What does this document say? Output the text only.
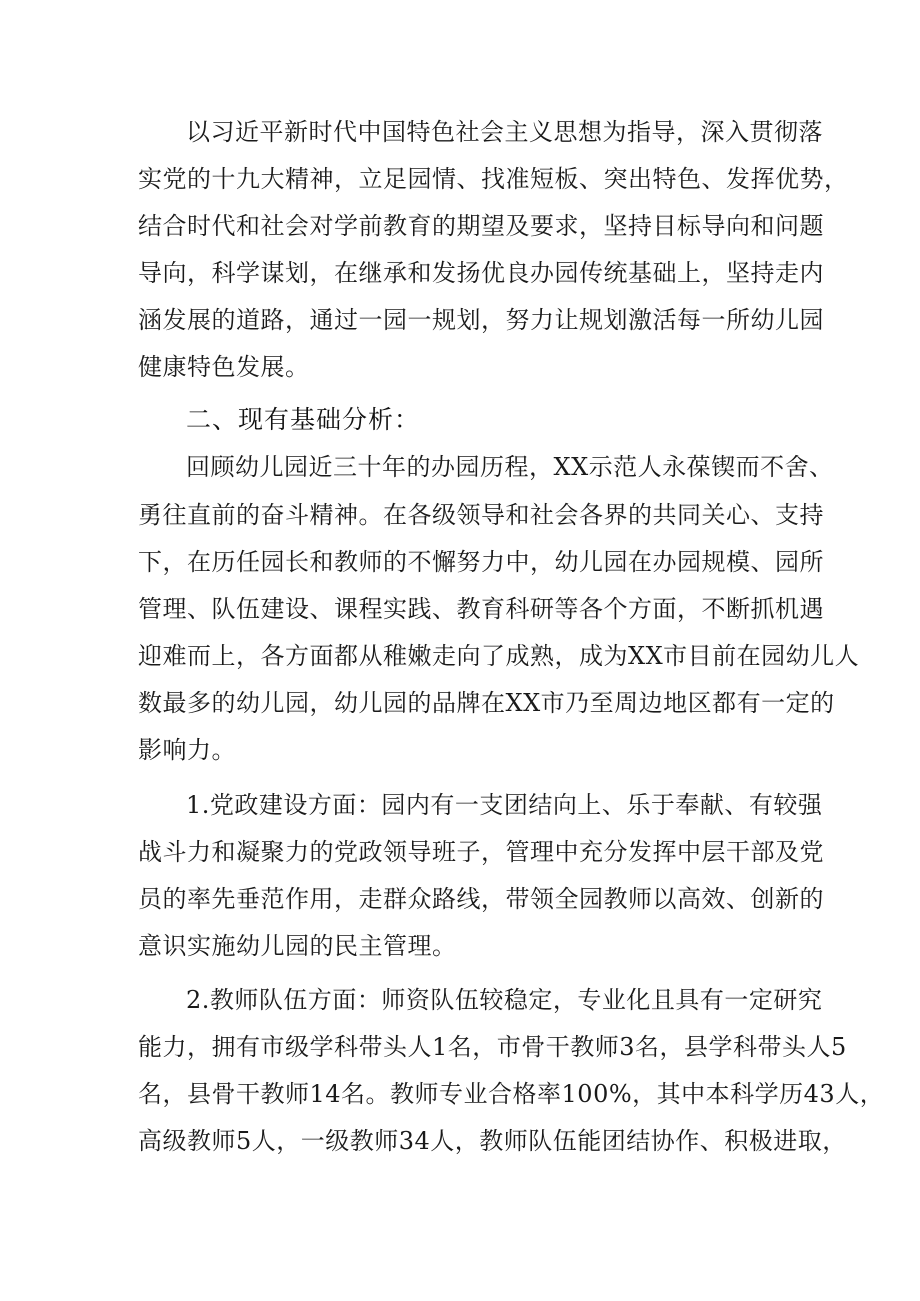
以习近平新时代中国特色社会主义思想为指导，深入贯彻落
实党的十九大精神，立足园情、找准短板、突出特色、发挥优势，
结合时代和社会对学前教育的期望及要求，坚持目标导向和问题
导向，科学谋划，在继承和发扬优良办园传统基础上，坚持走内
涵发展的道路，通过一园一规划，努力让规划激活每一所幼儿园
健康特色发展。
二、现有基础分析：
回顾幼儿园近三十年的办园历程，XX示范人永葆锲而不舍、
勇往直前的奋斗精神。在各级领导和社会各界的共同关心、支持
下，在历任园长和教师的不懈努力中，幼儿园在办园规模、园所
管理、队伍建设、课程实践、教育科研等各个方面，不断抓机遇
迎难而上，各方面都从稚嫩走向了成熟，成为XX市目前在园幼儿人
数最多的幼儿园，幼儿园的品牌在XX市乃至周边地区都有一定的
影响力。
1.党政建设方面：园内有一支团结向上、乐于奉献、有较强
战斗力和凝聚力的党政领导班子，管理中充分发挥中层干部及党
员的率先垂范作用，走群众路线，带领全园教师以高效、创新的
意识实施幼儿园的民主管理。
2.教师队伍方面：师资队伍较稳定，专业化且具有一定研究
能力，拥有市级学科带头人1名，市骨干教师3名，县学科带头人5
名，县骨干教师14名。教师专业合格率100%，其中本科学历43人，
高级教师5人，一级教师34人，教师队伍能团结协作、积极进取，
